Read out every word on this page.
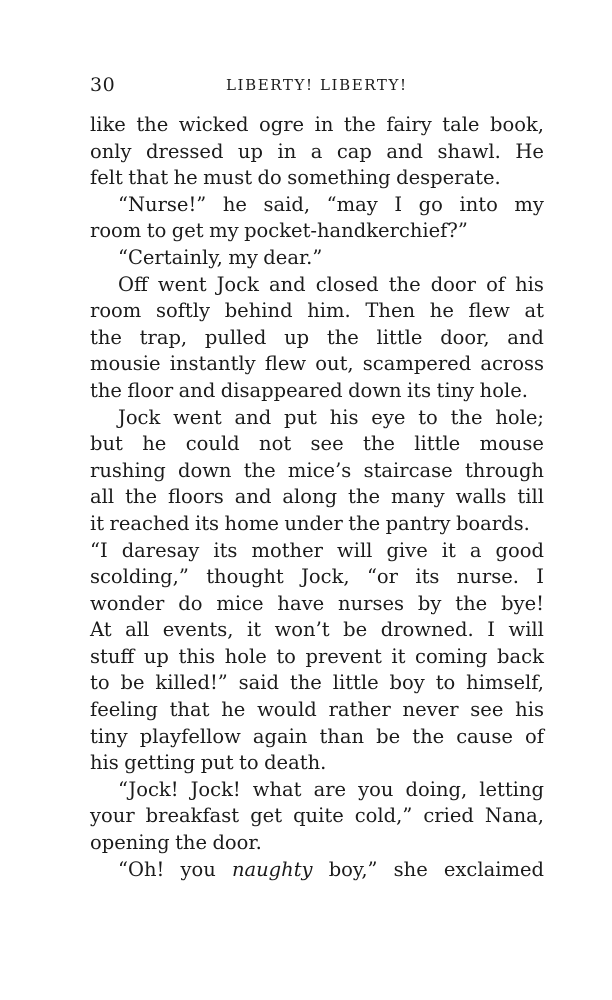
30	LIBERTY! LIBERTY!
like the wicked ogre in the fairy tale book,
only dressed up in a cap and shawl. He
felt that he must do something desperate.
“Nurse!” he said, “may I go into my
room to get my pocket-handkerchief?”
“Certainly, my dear.”
Off went Jock and closed the door of his
room softly behind him. Then he flew at
the trap, pulled up the little door, and
mousie instantly flew out, scampered across
the floor and disappeared down its tiny hole.
Jock went and put his eye to the hole;
but he could not see the little mouse
rushing down the mice’s staircase through
all the floors and along the many walls till
it reached its home under the pantry boards.
“I daresay its mother will give it a good
scolding,” thought Jock, “or its nurse. I
wonder do mice have nurses by the bye!
At all events, it won’t be drowned. I will
stuff up this hole to prevent it coming back
to be killed!” said the little boy to himself,
feeling that he would rather never see his
tiny playfellow again than be the cause of
his getting put to death.
“Jock! Jock! what are you doing, letting
your breakfast get quite cold,” cried Nana,
opening the door.
“Oh! you naughty boy,” she exclaimed
